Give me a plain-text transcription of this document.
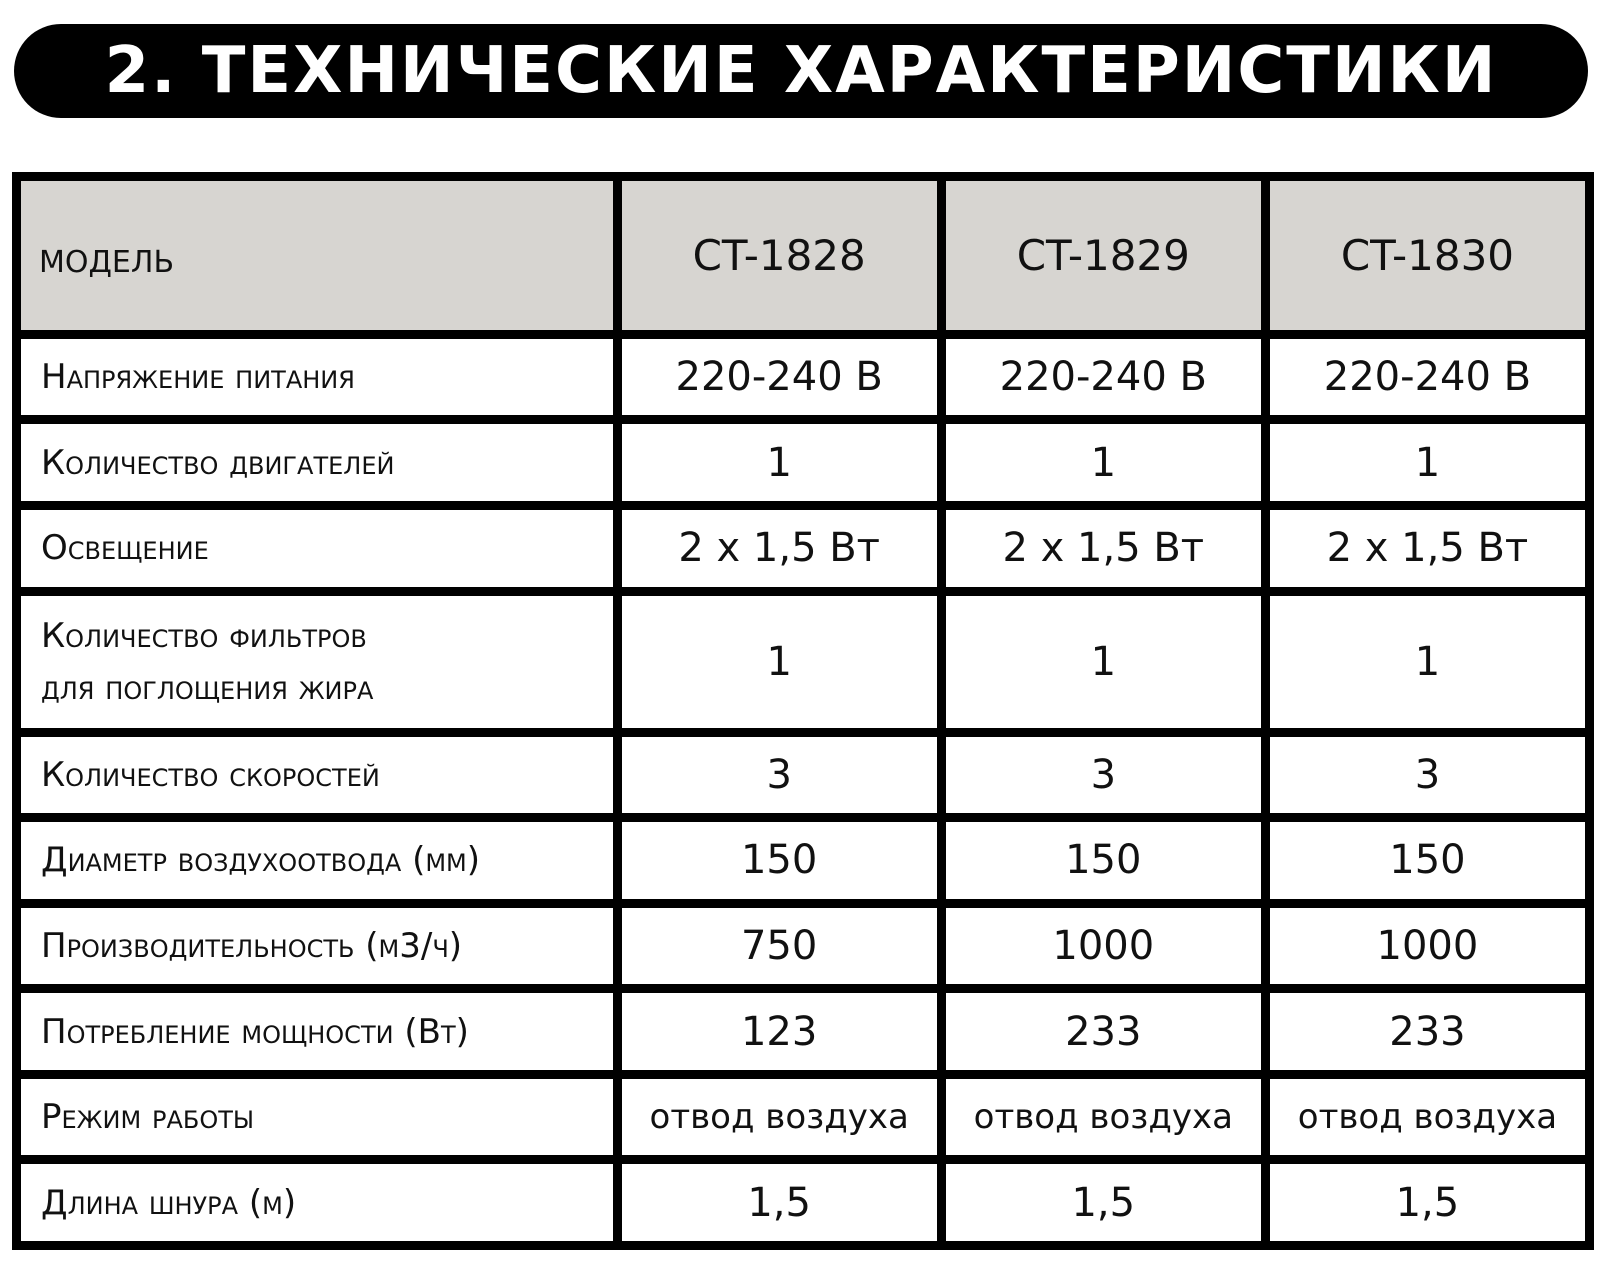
2. ТЕХНИЧЕСКИЕ ХАРАКТЕРИСТИКИ
МОДЕЛЬ	CT-1828	CT-1829	CT-1830
Напряжение питания	220-240 В	220-240 В	220-240 В
Количество двигателей	1	1	1
Освещение	2 x 1,5 Вт	2 x 1,5 Вт	2 x 1,5 Вт

Количество фильтров
для поглощения жира	1	1	1
Количество скоростей	3	3	3
Диаметр воздухоотвода (мм)	150	150	150
Производительность (м3/ч)	750	1000	1000
Потребление мощности (Вт)	123	233	233
Режим работы	отвод воздуха	отвод воздуха	отвод воздуха
Длина шнура (м)	1,5	1,5	1,5
